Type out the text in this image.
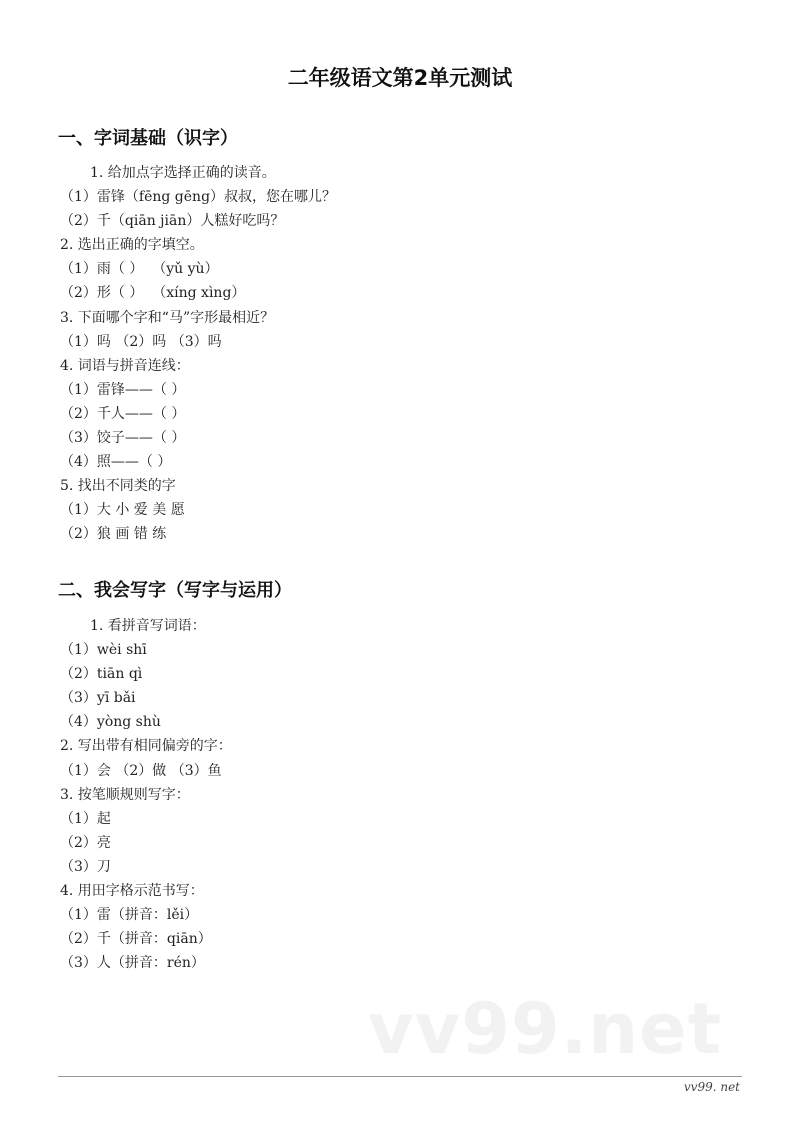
二年级语文第2单元测试
一、字词基础（识字）
1. 给加点字选择正确的读音。
（1）雷锋（fēng gēng）叔叔，您在哪儿？
（2）千（qiān jiān）人糕好吃吗？
2. 选出正确的字填空。
（1）雨（ ）  （yǔ yù）
（2）形（ ）  （xíng xìng）
3. 下面哪个字和“马”字形最相近？
（1）吗 （2）吗 （3）吗
4. 词语与拼音连线：
（1）雷锋——（ ）
（2）千人——（ ）
（3）饺子——（ ）
（4）照——（ ）
5. 找出不同类的字
（1）大 小 爱 美 愿
（2）狼 画 错 练
二、我会写字（写字与运用）
1. 看拼音写词语：
（1）wèi shī
（2）tiān qì
（3）yī bǎi
（4）yòng shù
2. 写出带有相同偏旁的字：
（1）会 （2）做 （3）鱼
3. 按笔顺规则写字：
（1）起
（2）亮
（3）刀
4. 用田字格示范书写：
（1）雷（拼音：lěi）
（2）千（拼音：qiān）
（3）人（拼音：rén）
vv99.net
vv99. net
